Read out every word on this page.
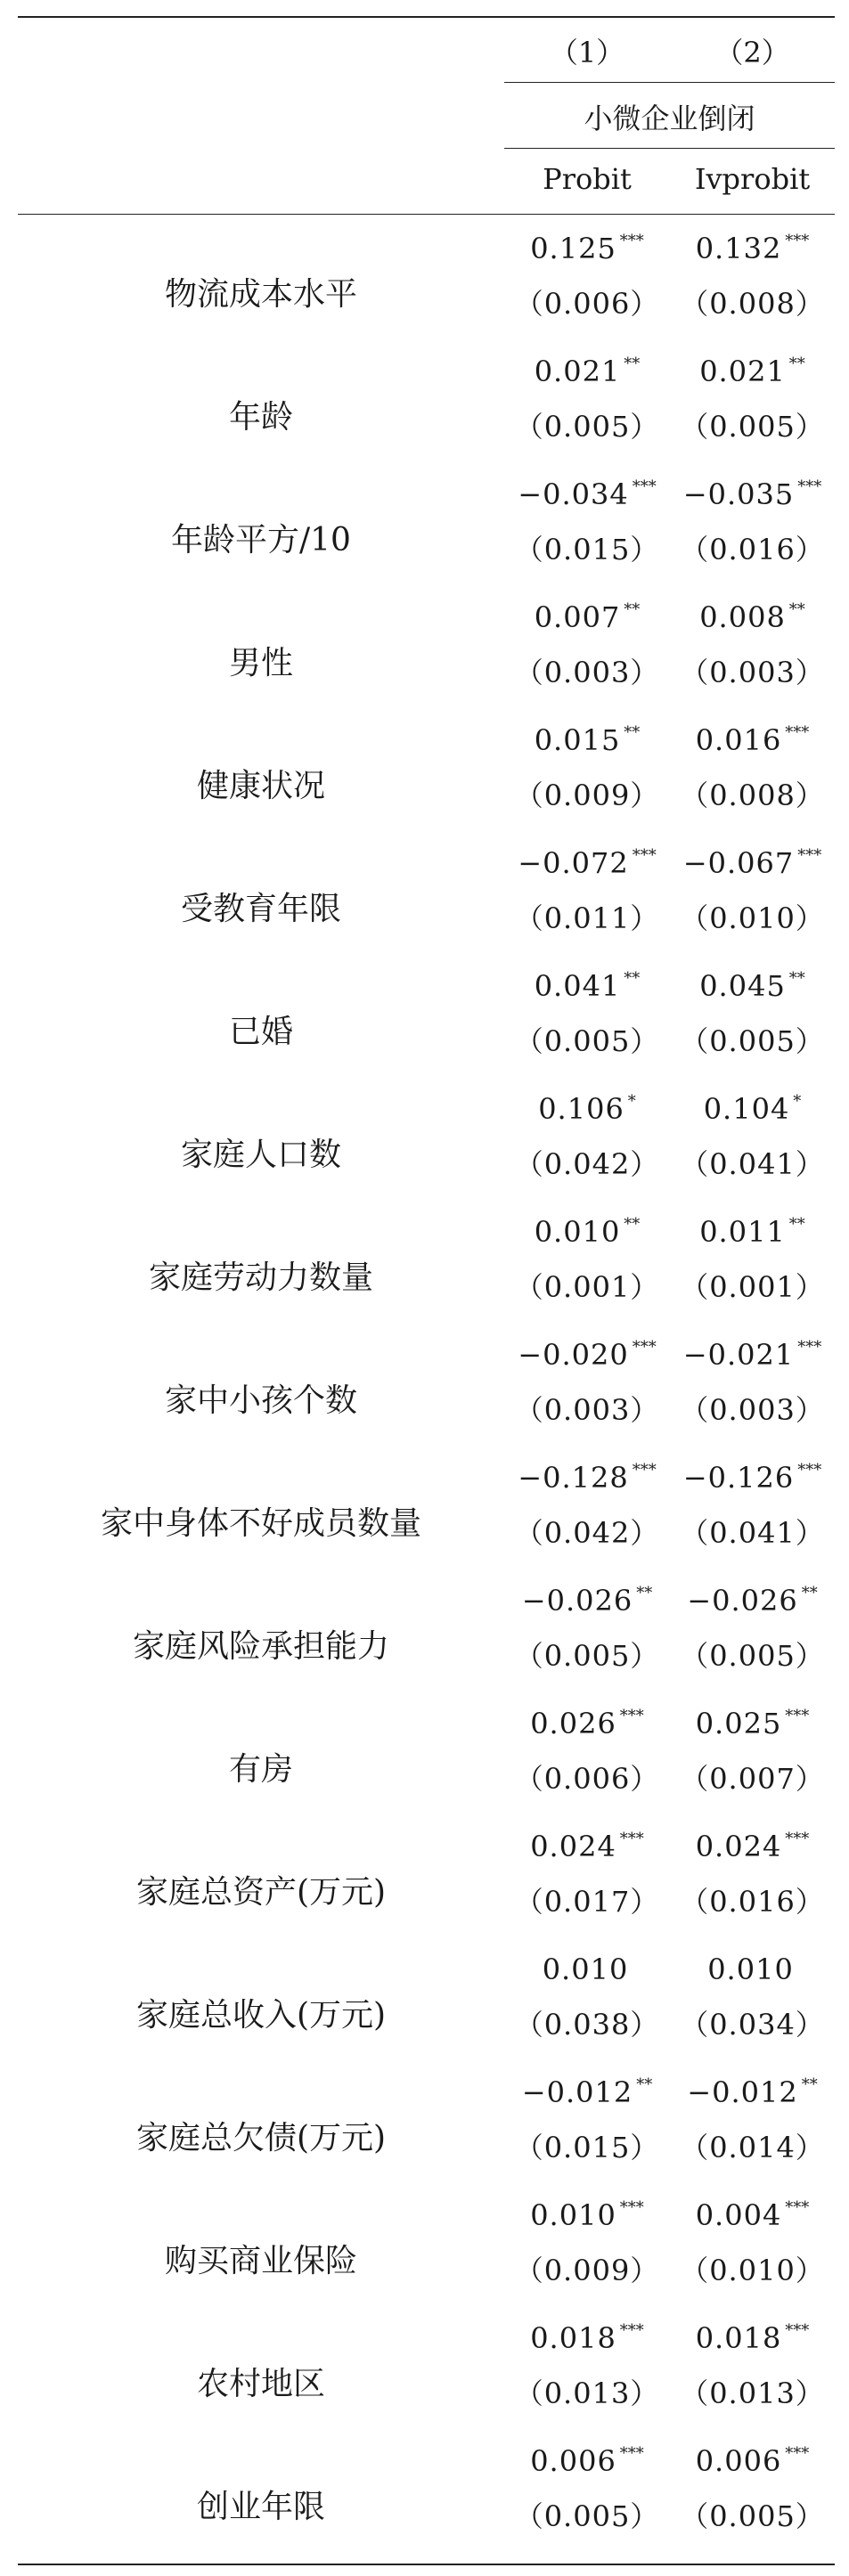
（1）	（2）
小微企业倒闭
Probit	Ivprobit
物流成本水平
0.125 ***
（0.006）
0.132 ***
（0.008）
年龄
0.021 **
（0.005）
0.021 **
（0.005）
年龄平方/10
−0.034 ***
（0.015）
−0.035 ***
（0.016）
男性
0.007 **
（0.003）
0.008 **
（0.003）
健康状况
0.015 **
（0.009）
0.016 ***
（0.008）
受教育年限
−0.072 ***
（0.011）
−0.067 ***
（0.010）
已婚
0.041 **
（0.005）
0.045 **
（0.005）
家庭人口数
0.106 *
（0.042）
0.104 *
（0.041）
家庭劳动力数量
0.010 **
（0.001）
0.011 **
（0.001）
家中小孩个数
−0.020 ***
（0.003）
−0.021 ***
（0.003）
家中身体不好成员数量
−0.128 ***
（0.042）
−0.126 ***
（0.041）
家庭风险承担能力
−0.026 **
（0.005）
−0.026 **
（0.005）
有房
0.026 ***
（0.006）
0.025 ***
（0.007）
家庭总资产(万元)
0.024 ***
（0.017）
0.024 ***
（0.016）
家庭总收入(万元)
0.010
（0.038）
0.010
（0.034）
家庭总欠债(万元)
−0.012 **
（0.015）
−0.012 **
（0.014）
购买商业保险
0.010 ***
（0.009）
0.004 ***
（0.010）
农村地区
0.018 ***
（0.013）
0.018 ***
（0.013）
创业年限
0.006 ***
（0.005）
0.006 ***
（0.005）
